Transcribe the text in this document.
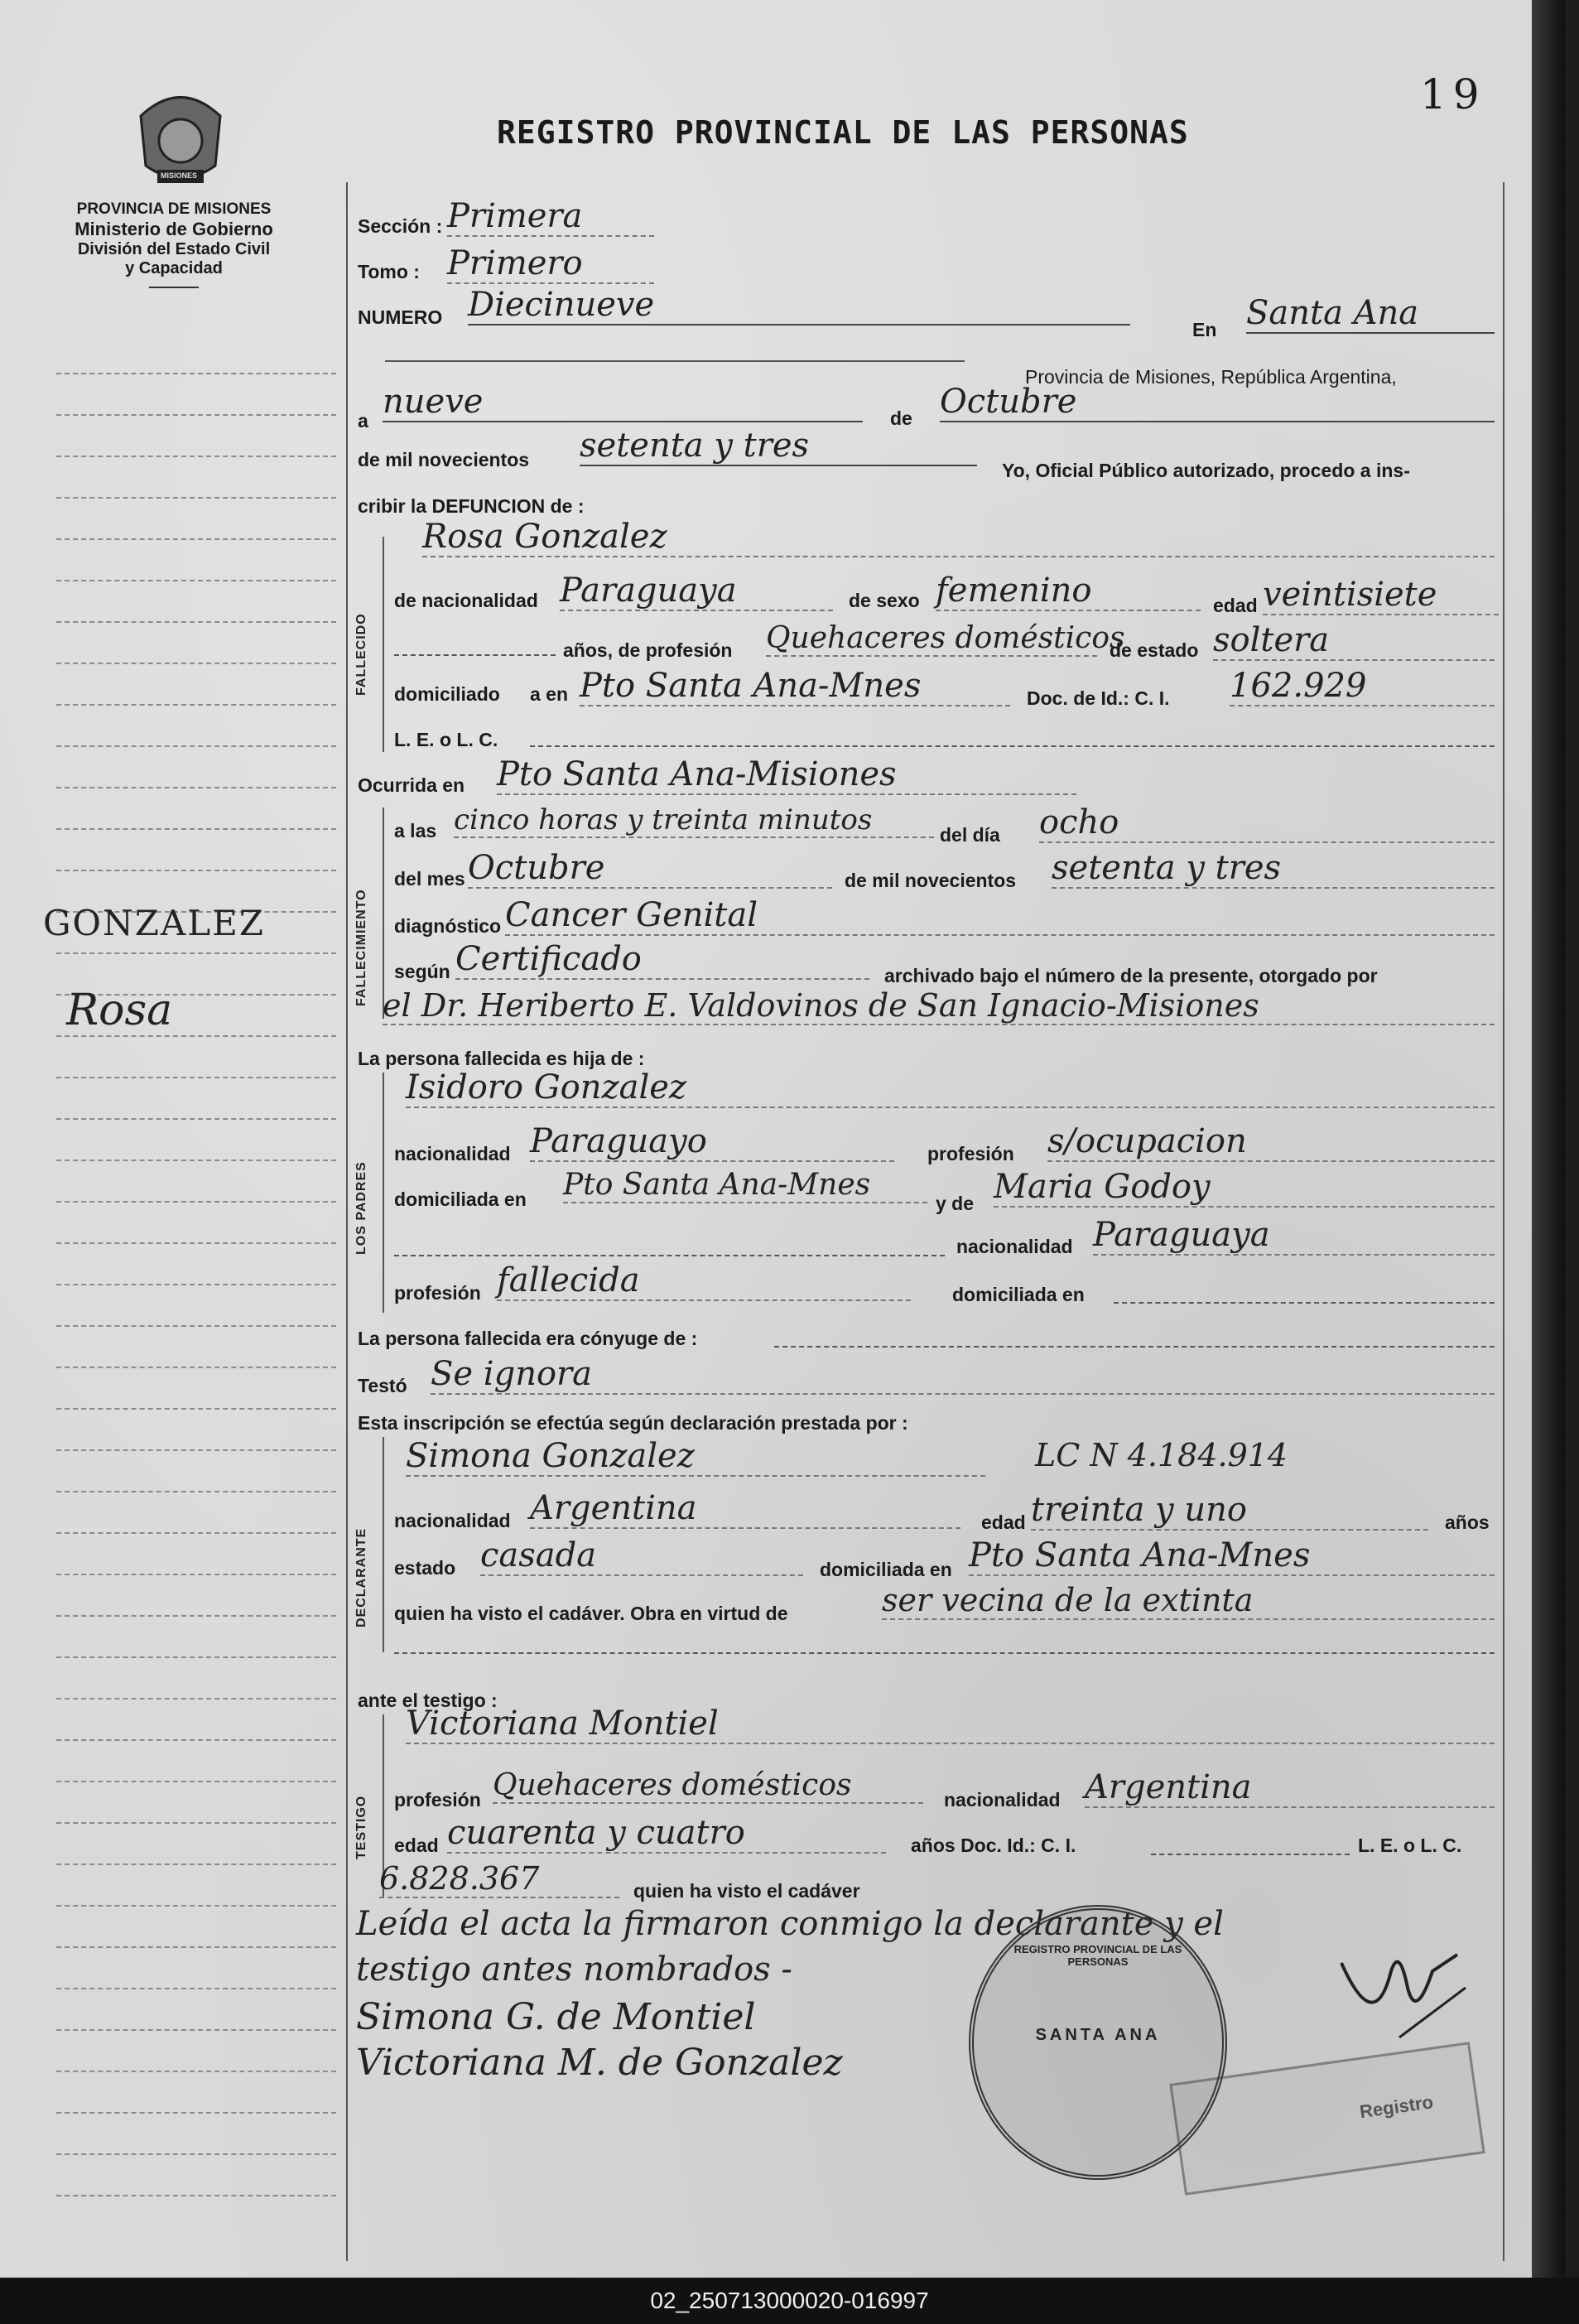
19
MISIONES
PROVINCIA DE MISIONES
Ministerio de Gobierno
División del Estado Civil
y Capacidad
REGISTRO PROVINCIAL DE LAS PERSONAS
GONZALEZ
Rosa
Sección : Primera
Tomo : Primero
NUMERO Diecinueve
En Santa Ana
Provincia de Misiones, República Argentina,
a nueve	de Octubre
de mil novecientos setenta y tres
Yo, Oficial Público autorizado, procedo a ins-
cribir la DEFUNCION de :
FALLECIDO
Rosa Gonzalez
de nacionalidad Paraguaya	de sexo femenino	edad veintisiete
años, de profesión Quehaceres domésticos
de estado soltera
domiciliado a en Pto Santa Ana-Mnes	Doc. de Id.: C. I. 162.929
L. E. o L. C.
Ocurrida en Pto Santa Ana-Misiones
FALLECIMIENTO
a las cinco horas y treinta minutos	del día ocho
del mes Octubre	de mil novecientos setenta y tres
diagnóstico Cancer Genital
según Certificado	archivado bajo el número de la presente, otorgado por
el Dr. Heriberto E. Valdovinos de San Ignacio-Misiones
La persona fallecida es hija de :
LOS PADRES
Isidoro Gonzalez
nacionalidad Paraguayo	profesión s/ocupacion
domiciliada en Pto Santa Ana-Mnes
y de Maria Godoy
nacionalidad Paraguaya
profesión fallecida	domiciliada en
La persona fallecida era cónyuge de :
Testó Se ignora
Esta inscripción se efectúa según declaración prestada por :
DECLARANTE
Simona Gonzalez	LC N 4.184.914
nacionalidad Argentina	edad treinta y uno	años
estado casada	domiciliada en Pto Santa Ana-Mnes
quien ha visto el cadáver. Obra en virtud de	ser vecina de la extinta
ante el testigo :
TESTIGO
Victoriana Montiel
profesión Quehaceres domésticos	nacionalidad Argentina
edad cuarenta y cuatro	años Doc. Id.: C. I.	L. E. o L. C.
6.828.367	quien ha visto el cadáver
Leída el acta la firmaron conmigo la declarante y el
testigo antes nombrados -
Simona G. de Montiel
Victoriana M. de Gonzalez
REGISTRO PROVINCIAL DE LAS PERSONAS
SANTA ANA
Registro
02_250713000020-016997
